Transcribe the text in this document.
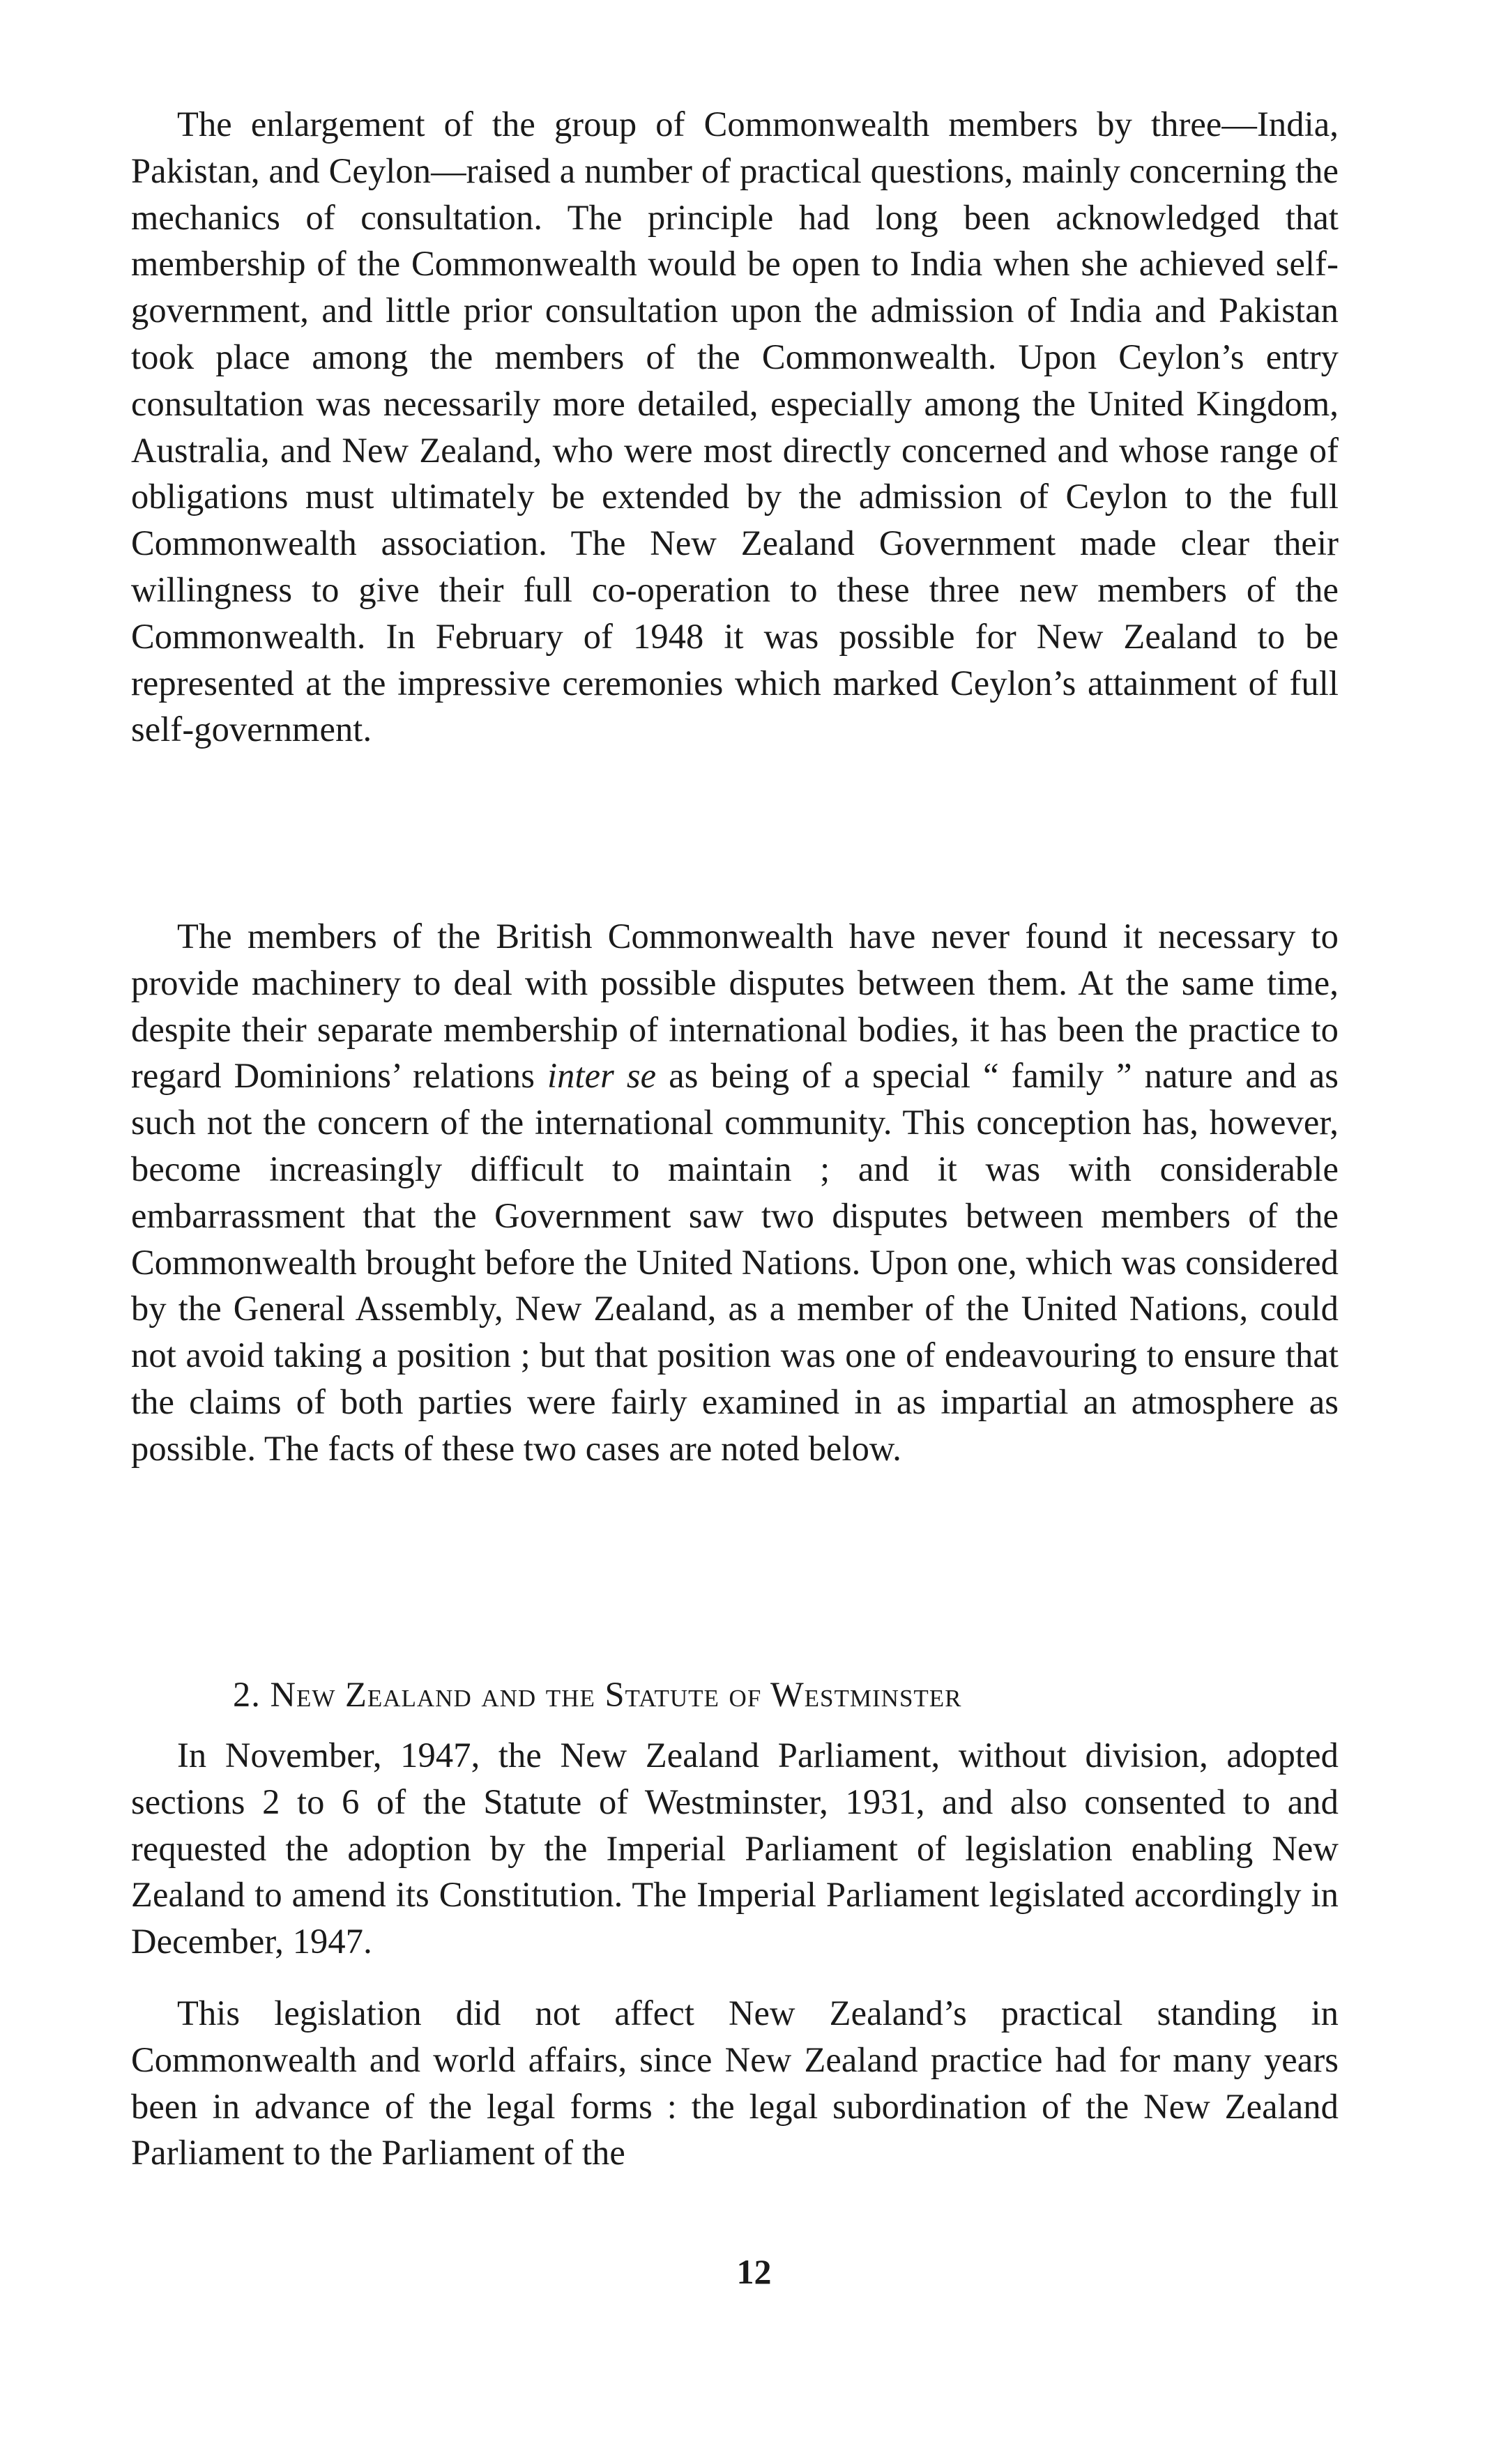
The enlargement of the group of Commonwealth members by three—India, Pakistan, and Ceylon—raised a number of practical questions, mainly concerning the mechanics of consultation. The principle had long been acknowledged that membership of the Commonwealth would be open to India when she achieved self-government, and little prior consultation upon the admission of India and Pakistan took place among the members of the Commonwealth. Upon Ceylon’s entry consultation was necessarily more detailed, especially among the United Kingdom, Australia, and New Zealand, who were most directly concerned and whose range of obligations must ultimately be extended by the admission of Ceylon to the full Commonwealth association. The New Zealand Government made clear their willingness to give their full co-operation to these three new members of the Commonwealth. In February of 1948 it was possible for New Zealand to be represented at the impressive ceremonies which marked Ceylon’s attainment of full self-government.

The members of the British Commonwealth have never found it necessary to provide machinery to deal with possible disputes between them. At the same time, despite their separate membership of international bodies, it has been the practice to regard Dominions’ relations inter se as being of a special “ family ” nature and as such not the concern of the international community. This conception has, however, become increasingly difficult to maintain ; and it was with considerable embarrassment that the Government saw two disputes between members of the Commonwealth brought before the United Nations. Upon one, which was considered by the General Assembly, New Zealand, as a member of the United Nations, could not avoid taking a position ; but that position was one of endeavouring to ensure that the claims of both parties were fairly examined in as impartial an atmosphere as possible. The facts of these two cases are noted below.

2. New Zealand and the Statute of Westminster

In November, 1947, the New Zealand Parliament, without division, adopted sections 2 to 6 of the Statute of Westminster, 1931, and also consented to and requested the adoption by the Imperial Parliament of legislation enabling New Zealand to amend its Constitution. The Imperial Parliament legislated accordingly in December, 1947.

This legislation did not affect New Zealand’s practical standing in Commonwealth and world affairs, since New Zealand practice had for many years been in advance of the legal forms : the legal subordination of the New Zealand Parliament to the Parliament of the

12
